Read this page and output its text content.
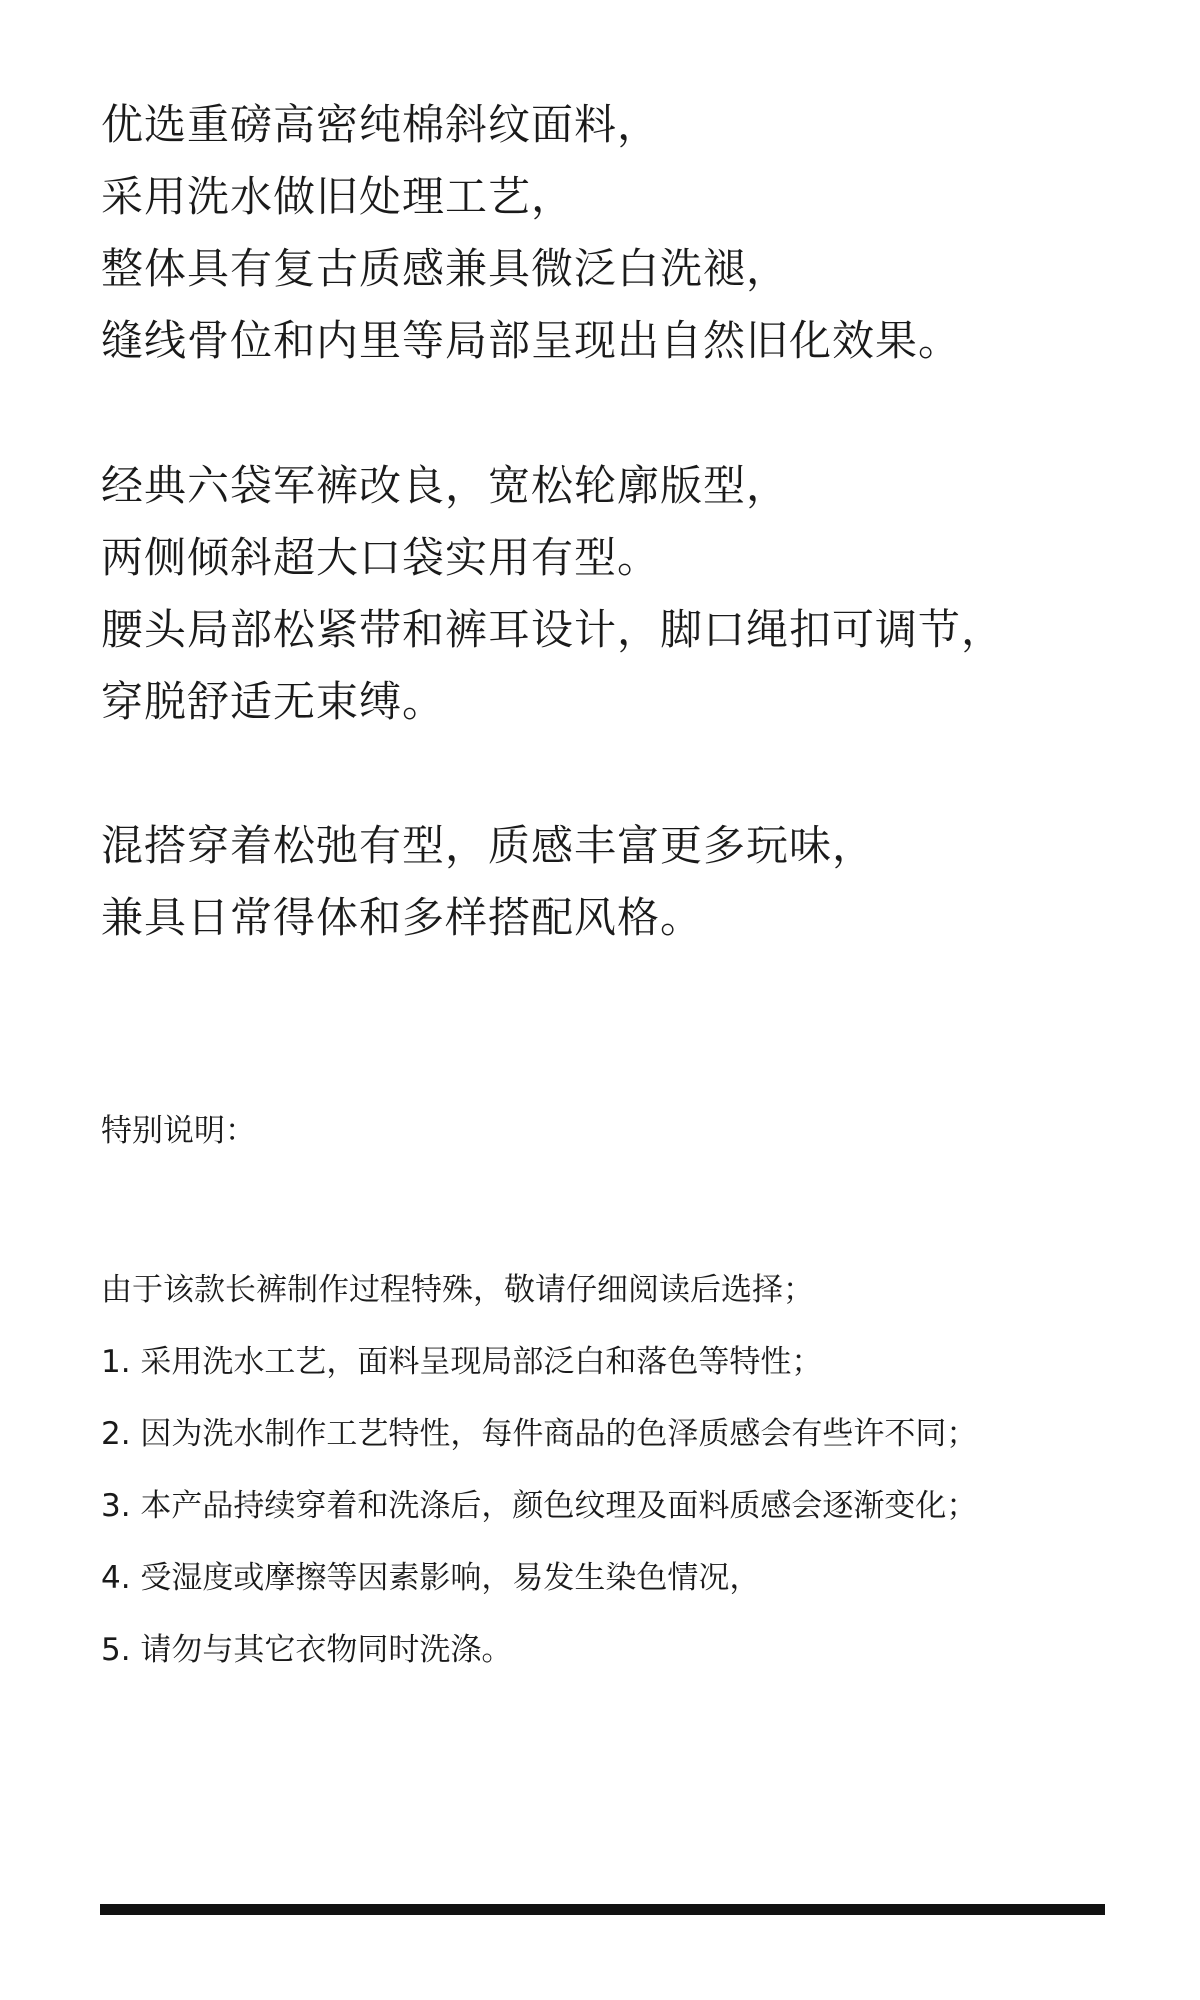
优选重磅高密纯棉斜纹面料，
采用洗水做旧处理工艺，
整体具有复古质感兼具微泛白洗褪，
缝线骨位和内里等局部呈现出自然旧化效果。
经典六袋军裤改良，宽松轮廓版型，
两侧倾斜超大口袋实用有型。
腰头局部松紧带和裤耳设计，脚口绳扣可调节，
穿脱舒适无束缚。
混搭穿着松弛有型，质感丰富更多玩味，
兼具日常得体和多样搭配风格。

特别说明：

由于该款长裤制作过程特殊，敬请仔细阅读后选择；
1. 采用洗水工艺，面料呈现局部泛白和落色等特性；
2. 因为洗水制作工艺特性，每件商品的色泽质感会有些许不同；
3. 本产品持续穿着和洗涤后，颜色纹理及面料质感会逐渐变化；
4. 受湿度或摩擦等因素影响，易发生染色情况，
5. 请勿与其它衣物同时洗涤。
